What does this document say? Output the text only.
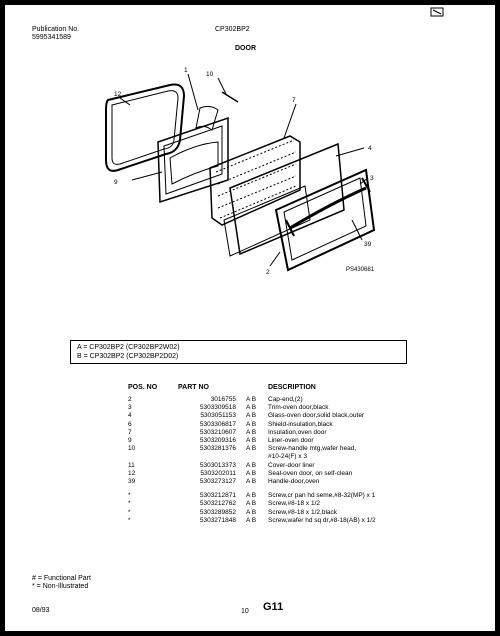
Publication No.
5995341589
CP302BP2
DOOR
12
1
10
7
9
4
3
39
2	PS430681
A = CP302BP2 (CP302BP2W02)
B = CP302BP2 (CP302BP2D02)
POS. NO	PART NO		DESCRIPTION
2	3016755	A B	Cap-end,(2)
3	5303309518	A B	Trim-oven door,black
4	5303051153	A B	Glass-oven door,solid black,outer
6	5303306817	A B	Shield-insulation,black
7	5303210607	A B	Insulation,oven door
9	5303209316	A B	Liner-oven door
10	5303281376	A B	Screw-handle mtg,wafer head,
			#10-24(F) x 3
11	5303013373	A B	Cover-door liner
12	5303202011	A B	Seal-oven door, on self-clean
39	5303273127	A B	Handle-door,oven

*	5303212871	A B	Screw,cr pan hd seme,#8-32(MP) x 1
*	5303212762	A B	Screw,#8-18 x 1/2
*	5303289852	A B	Screw,#8-18 x 1/2,black
*	5303271848	A B	Screw,wafer hd sq dr,#8-18(AB) x 1/2
# = Functional Part
* = Non-Illustrated
08/93	10 G11
